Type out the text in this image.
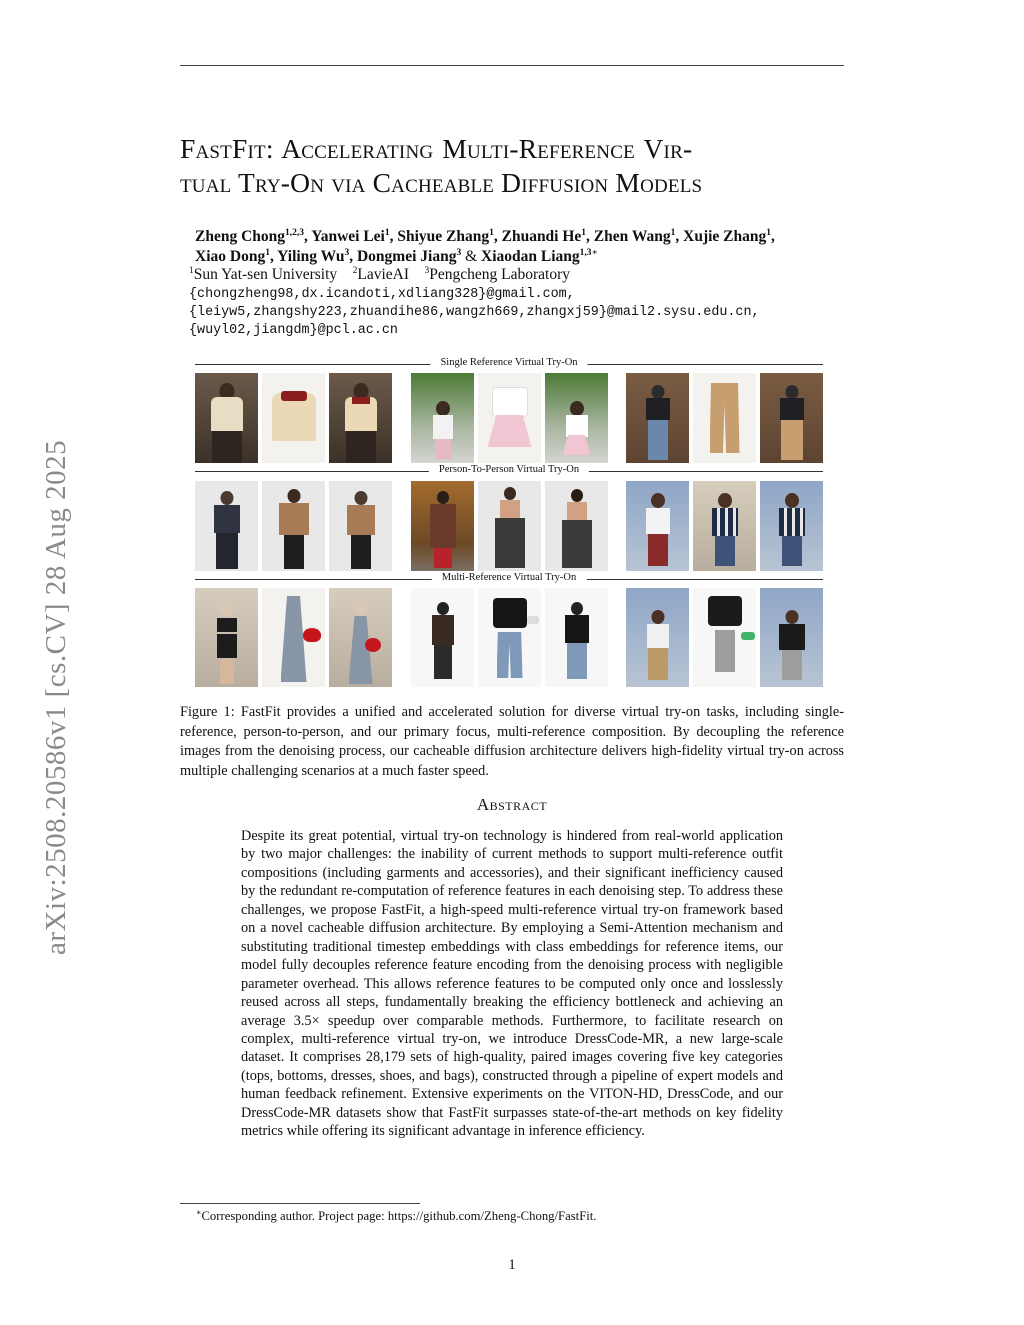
arXiv:2508.20586v1 [cs.CV] 28 Aug 2025
FastFit: Accelerating Multi-Reference Vir-
tual Try-On via Cacheable Diffusion Models
Zheng Chong$^{1,2,3}$, Yanwei Lei$^1$, Shiyue Zhang$^1$, Zhuandi He$^1$, Zhen Wang$^1$, Xujie Zhang$^1$,
Xiao Dong$^1$, Yiling Wu$^3$, Dongmei Jiang$^3$ & Xiaodan Liang$^{1,3∗}$
$^1$Sun Yat-sen University $^2$LavieAI $^3$Pengcheng Laboratory
{chongzheng98,dx.icandoti,xdliang328}@gmail.com,
{leiyw5,zhangshy223,zhuandihe86,wangzh669,zhangxj59}@mail2.sysu.edu.cn,
{wuyl02,jiangdm}@pcl.ac.cn
Single Reference Virtual Try-On
Person-To-Person Virtual Try-On
Multi-Reference Virtual Try-On
Figure 1: FastFit provides a unified and accelerated solution for diverse virtual try-on tasks, including single-reference, person-to-person, and our primary focus, multi-reference composition. By decoupling the reference images from the denoising process, our cacheable diffusion architecture delivers high-fidelity virtual try-on across multiple challenging scenarios at a much faster speed.
Abstract
Despite its great potential, virtual try-on technology is hindered from real-world application by two major challenges: the inability of current methods to support multi-reference outfit compositions (including garments and accessories), and their significant inefficiency caused by the redundant re-computation of reference features in each denoising step. To address these challenges, we propose FastFit, a high-speed multi-reference virtual try-on framework based on a novel cacheable diffusion architecture. By employing a Semi-Attention mechanism and substituting traditional timestep embeddings with class embeddings for reference items, our model fully decouples reference feature encoding from the denoising process with negligible parameter overhead. This allows reference features to be computed only once and losslessly reused across all steps, fundamentally breaking the efficiency bottleneck and achieving an average 3.5× speedup over comparable methods. Furthermore, to facilitate research on complex, multi-reference virtual try-on, we introduce DressCode-MR, a new large-scale dataset. It comprises 28,179 sets of high-quality, paired images covering five key categories (tops, bottoms, dresses, shoes, and bags), constructed through a pipeline of expert models and human feedback refinement. Extensive experiments on the VITON-HD, DressCode, and our DressCode-MR datasets show that FastFit surpasses state-of-the-art methods on key fidelity metrics while offering its significant advantage in inference efficiency.
∗Corresponding author. Project page: https://github.com/Zheng-Chong/FastFit.
1
